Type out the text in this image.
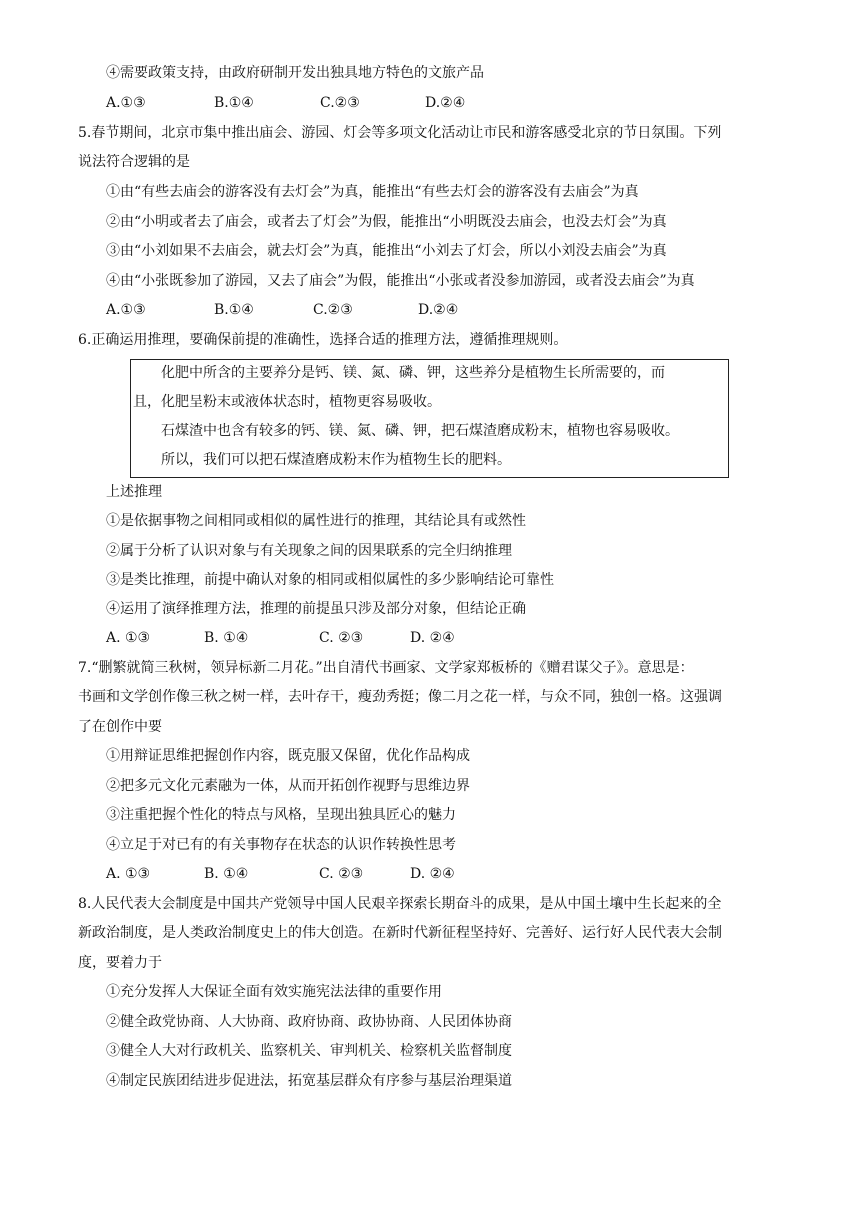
④需要政策支持，由政府研制开发出独具地方特色的文旅产品
A.①③	B.①④	C.②③	D.②④
5.春节期间，北京市集中推出庙会、游园、灯会等多项文化活动让市民和游客感受北京的节日氛围。下列
说法符合逻辑的是
①由“有些去庙会的游客没有去灯会”为真，能推出“有些去灯会的游客没有去庙会”为真
②由“小明或者去了庙会，或者去了灯会”为假，能推出“小明既没去庙会，也没去灯会”为真
③由“小刘如果不去庙会，就去灯会”为真，能推出“小刘去了灯会，所以小刘没去庙会”为真
④由“小张既参加了游园，又去了庙会”为假，能推出“小张或者没参加游园，或者没去庙会”为真
A.①③	B.①④	C.②③	D.②④
6.正确运用推理，要确保前提的准确性，选择合适的推理方法，遵循推理规则。
化肥中所含的主要养分是钙、镁、氮、磷、钾，这些养分是植物生长所需要的，而
且，化肥呈粉末或液体状态时，植物更容易吸收。
石煤渣中也含有较多的钙、镁、氮、磷、钾，把石煤渣磨成粉末，植物也容易吸收。
所以，我们可以把石煤渣磨成粉末作为植物生长的肥料。
上述推理
①是依据事物之间相同或相似的属性进行的推理，其结论具有或然性
②属于分析了认识对象与有关现象之间的因果联系的完全归纳推理
③是类比推理，前提中确认对象的相同或相似属性的多少影响结论可靠性
④运用了演绎推理方法，推理的前提虽只涉及部分对象，但结论正确
A. ①③	B. ①④	C. ②③	D. ②④
7.“删繁就简三秋树，领异标新二月花。”出自清代书画家、文学家郑板桥的《赠君谋父子》。意思是：
书画和文学创作像三秋之树一样，去叶存干，瘦劲秀挺；像二月之花一样，与众不同，独创一格。这强调
了在创作中要
①用辩证思维把握创作内容，既克服又保留，优化作品构成
②把多元文化元素融为一体，从而开拓创作视野与思维边界
③注重把握个性化的特点与风格，呈现出独具匠心的魅力
④立足于对已有的有关事物存在状态的认识作转换性思考
A. ①③	B. ①④	C. ②③	D. ②④
8.人民代表大会制度是中国共产党领导中国人民艰辛探索长期奋斗的成果，是从中国土壤中生长起来的全
新政治制度，是人类政治制度史上的伟大创造。在新时代新征程坚持好、完善好、运行好人民代表大会制
度，要着力于
①充分发挥人大保证全面有效实施宪法法律的重要作用
②健全政党协商、人大协商、政府协商、政协协商、人民团体协商
③健全人大对行政机关、监察机关、审判机关、检察机关监督制度
④制定民族团结进步促进法，拓宽基层群众有序参与基层治理渠道
